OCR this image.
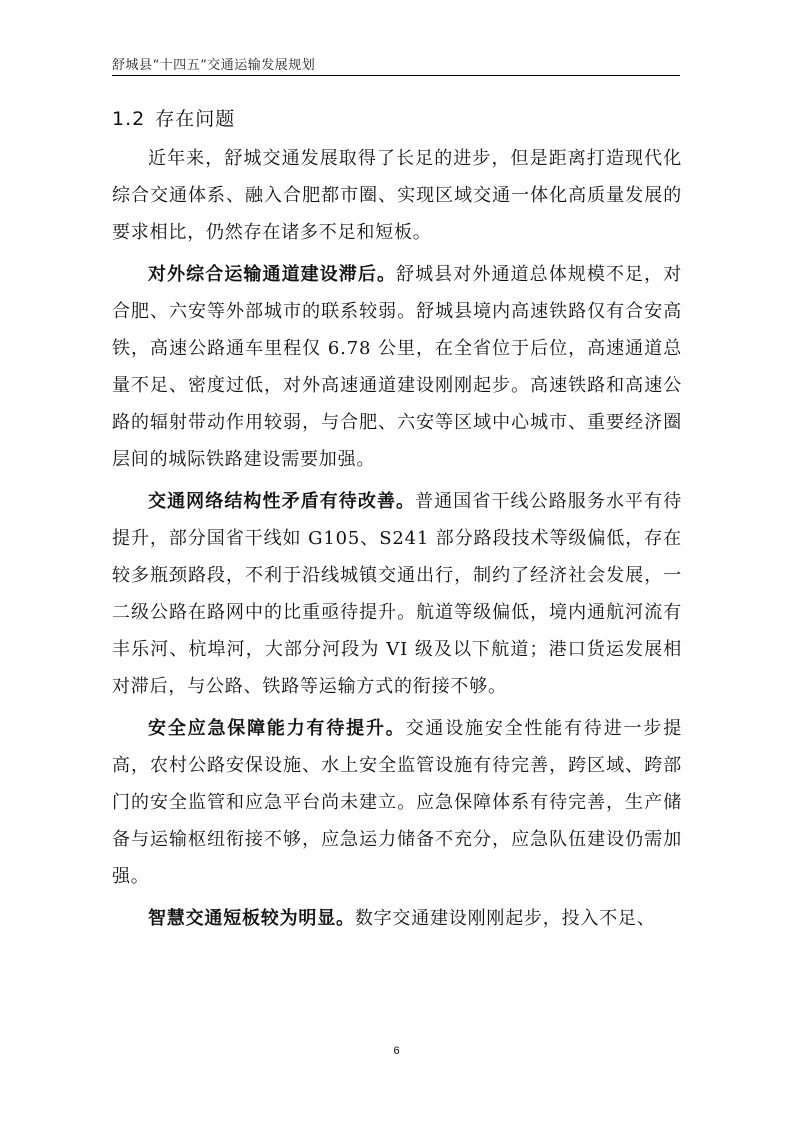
舒城县“十四五”交通运输发展规划
1.2 存在问题

近年来，舒城交通发展取得了长足的进步，但是距离打造现代化综合交通体系、融入合肥都市圈、实现区域交通一体化高质量发展的要求相比，仍然存在诸多不足和短板。

对外综合运输通道建设滞后。舒城县对外通道总体规模不足，对合肥、六安等外部城市的联系较弱。舒城县境内高速铁路仅有合安高铁，高速公路通车里程仅 6.78 公里，在全省位于后位，高速通道总量不足、密度过低，对外高速通道建设刚刚起步。高速铁路和高速公路的辐射带动作用较弱，与合肥、六安等区域中心城市、重要经济圈层间的城际铁路建设需要加强。

交通网络结构性矛盾有待改善。普通国省干线公路服务水平有待提升，部分国省干线如 G105、S241 部分路段技术等级偏低，存在较多瓶颈路段，不利于沿线城镇交通出行，制约了经济社会发展，一二级公路在路网中的比重亟待提升。航道等级偏低，境内通航河流有丰乐河、杭埠河，大部分河段为 VI 级及以下航道；港口货运发展相对滞后，与公路、铁路等运输方式的衔接不够。

安全应急保障能力有待提升。交通设施安全性能有待进一步提高，农村公路安保设施、水上安全监管设施有待完善，跨区域、跨部门的安全监管和应急平台尚未建立。应急保障体系有待完善，生产储备与运输枢纽衔接不够，应急运力储备不充分，应急队伍建设仍需加强。

智慧交通短板较为明显。数字交通建设刚刚起步，投入不足、

6
